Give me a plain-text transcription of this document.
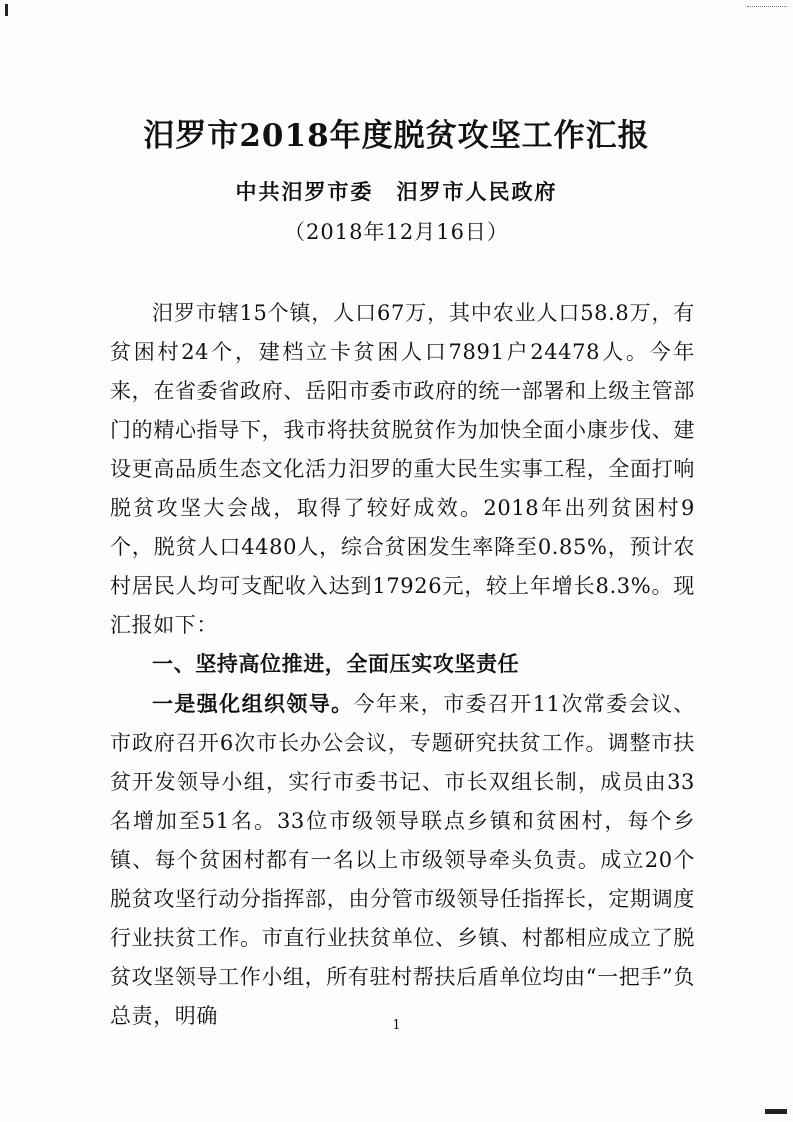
汨罗市2018年度脱贫攻坚工作汇报
中共汨罗市委　汨罗市人民政府
（2018年12月16日）

汨罗市辖15个镇，人口67万，其中农业人口58.8万，有贫困村24个，建档立卡贫困人口7891户24478人。今年来，在省委省政府、岳阳市委市政府的统一部署和上级主管部门的精心指导下，我市将扶贫脱贫作为加快全面小康步伐、建设更高品质生态文化活力汨罗的重大民生实事工程，全面打响脱贫攻坚大会战，取得了较好成效。2018年出列贫困村9个，脱贫人口4480人，综合贫困发生率降至0.85%，预计农村居民人均可支配收入达到17926元，较上年增长8.3%。现汇报如下：

一、坚持高位推进，全面压实攻坚责任

一是强化组织领导。今年来，市委召开11次常委会议、市政府召开6次市长办公会议，专题研究扶贫工作。调整市扶贫开发领导小组，实行市委书记、市长双组长制，成员由33名增加至51名。33位市级领导联点乡镇和贫困村，每个乡镇、每个贫困村都有一名以上市级领导牵头负责。成立20个脱贫攻坚行动分指挥部，由分管市级领导任指挥长，定期调度行业扶贫工作。市直行业扶贫单位、乡镇、村都相应成立了脱贫攻坚领导工作小组，所有驻村帮扶后盾单位均由“一把手”负总责，明确	1
